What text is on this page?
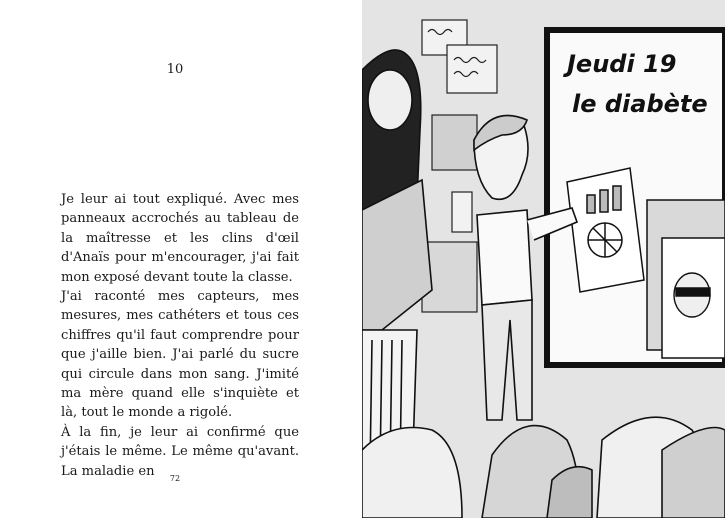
10

Je leur ai tout expliqué. Avec mes panneaux accrochés au tableau de la maîtresse et les clins d'œil d'Anaïs pour m'encourager, j'ai fait mon exposé devant toute la classe.

J'ai raconté mes capteurs, mes mesures, mes cathéters et tous ces chiffres qu'il faut comprendre pour que j'aille bien. J'ai parlé du sucre qui circule dans mon sang. J'imité ma mère quand elle s'inquiète et là, tout le monde a rigolé.

À la fin, je leur ai confirmé que j'étais le même. Le même qu'avant. La maladie en	72
Jeudi 19
le diabète
